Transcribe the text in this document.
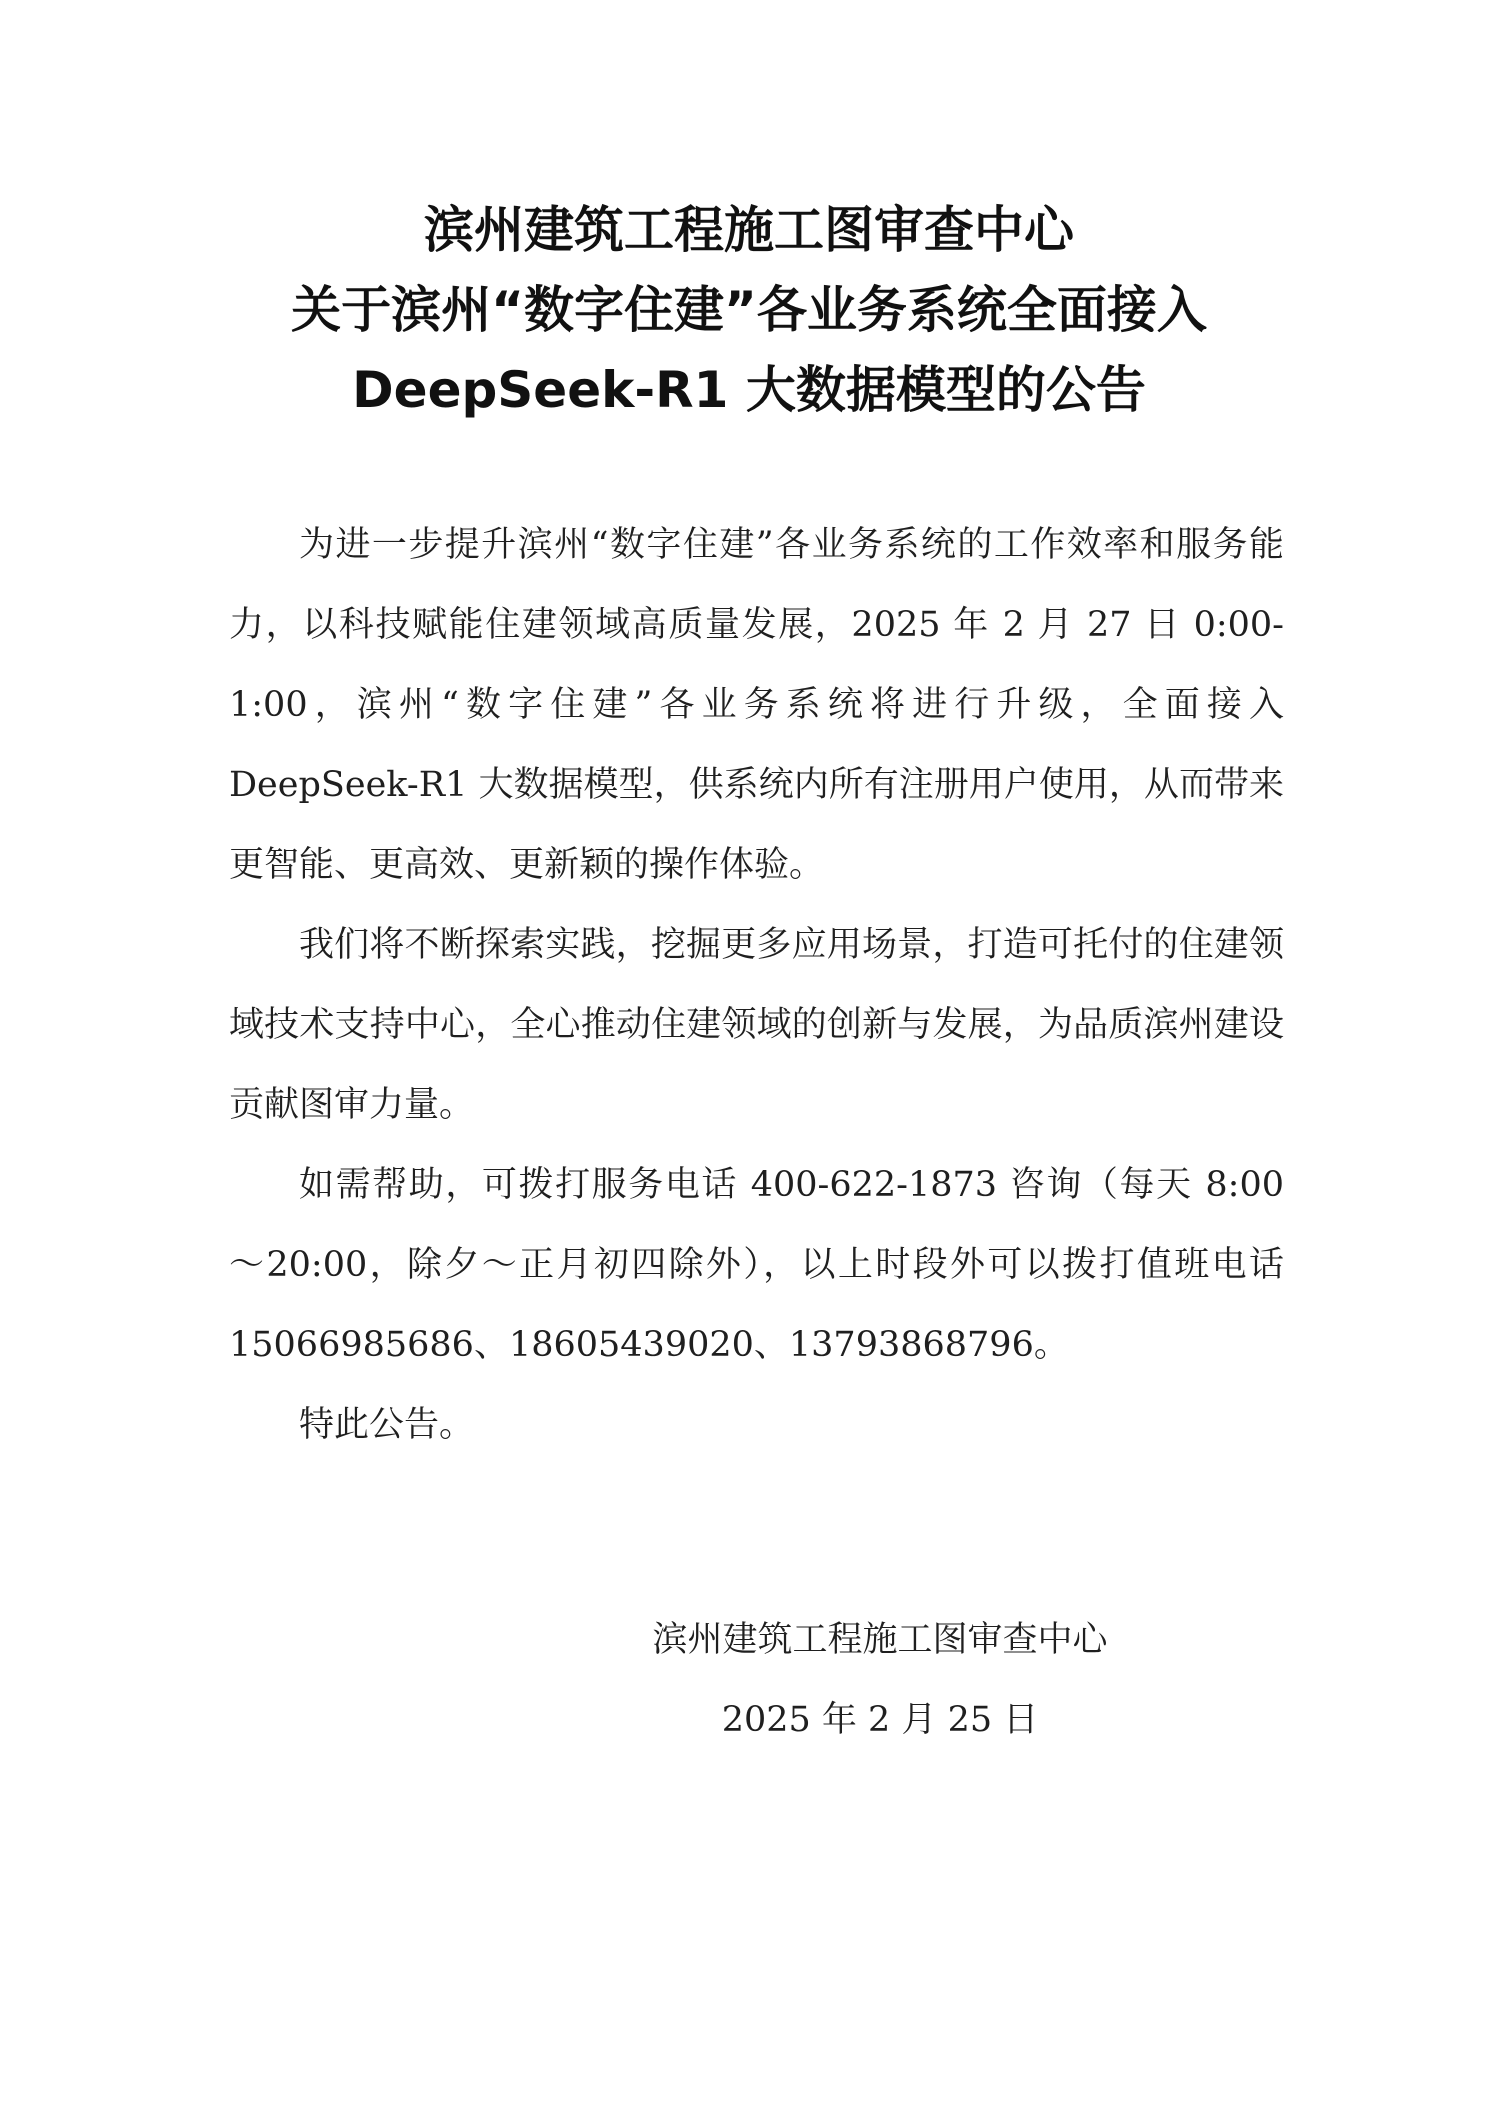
滨州建筑工程施工图审查中心
关于滨州“数字住建”各业务系统全面接入
DeepSeek-R1 大数据模型的公告

为进一步提升滨州“数字住建”各业务系统的工作效率和服务能力，以科技赋能住建领域高质量发展，2025 年 2 月 27 日 0:00-1:00，滨州“数字住建”各业务系统将进行升级，全面接入 DeepSeek-R1 大数据模型，供系统内所有注册用户使用，从而带来更智能、更高效、更新颖的操作体验。

我们将不断探索实践，挖掘更多应用场景，打造可托付的住建领域技术支持中心，全心推动住建领域的创新与发展，为品质滨州建设贡献图审力量。

如需帮助，可拨打服务电话 400-622-1873 咨询（每天 8:00～20:00，除夕～正月初四除外），以上时段外可以拨打值班电话 15066985686、18605439020、13793868796。

特此公告。

滨州建筑工程施工图审查中心
2025 年 2 月 25 日
